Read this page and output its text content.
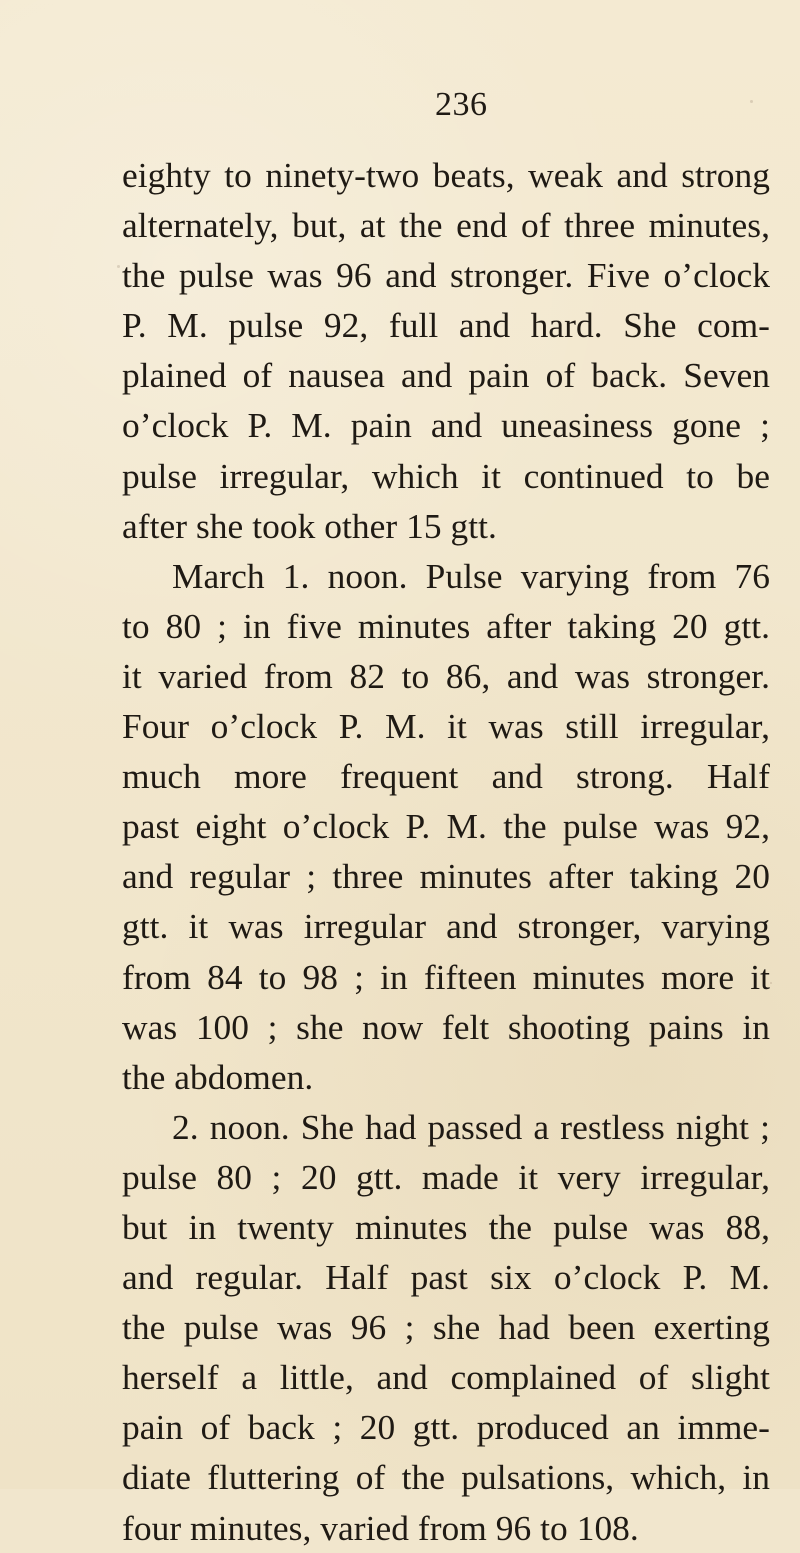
236
eighty to ninety-two beats, weak and strong
alternately, but, at the end of three minutes,
the pulse was 96 and stronger. Five o’clock
P. M. pulse 92, full and hard. She com-
plained of nausea and pain of back. Seven
o’clock P. M. pain and uneasiness gone ;
pulse irregular, which it continued to be
after she took other 15 gtt.
March 1. noon. Pulse varying from 76
to 80 ; in five minutes after taking 20 gtt.
it varied from 82 to 86, and was stronger.
Four o’clock P. M. it was still irregular,
much more frequent and strong. Half
past eight o’clock P. M. the pulse was 92,
and regular ; three minutes after taking 20
gtt. it was irregular and stronger, varying
from 84 to 98 ; in fifteen minutes more it
was 100 ; she now felt shooting pains in
the abdomen.
2. noon. She had passed a restless night ;
pulse 80 ; 20 gtt. made it very irregular,
but in twenty minutes the pulse was 88,
and regular. Half past six o’clock P. M.
the pulse was 96 ; she had been exerting
herself a little, and complained of slight
pain of back ; 20 gtt. produced an imme-
diate fluttering of the pulsations, which, in
four minutes, varied from 96 to 108.
